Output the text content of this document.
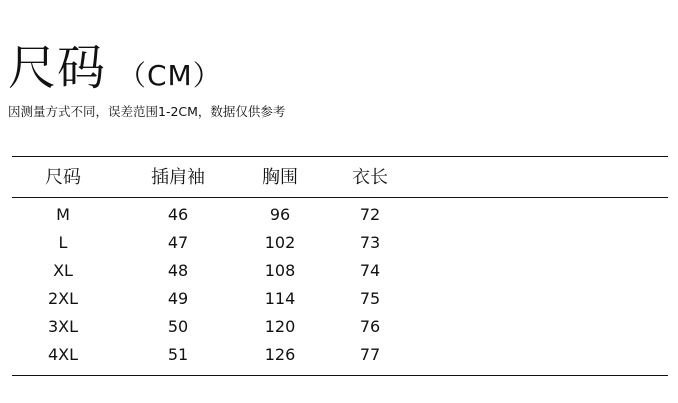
尺码 （CM）
因测量方式不同，误差范围1-2CM，数据仅供参考
尺码	插肩袖	胸围	衣长
M	46	96	72
L	47	102	73
XL	48	108	74
2XL	49	114	75
3XL	50	120	76
4XL	51	126	77
